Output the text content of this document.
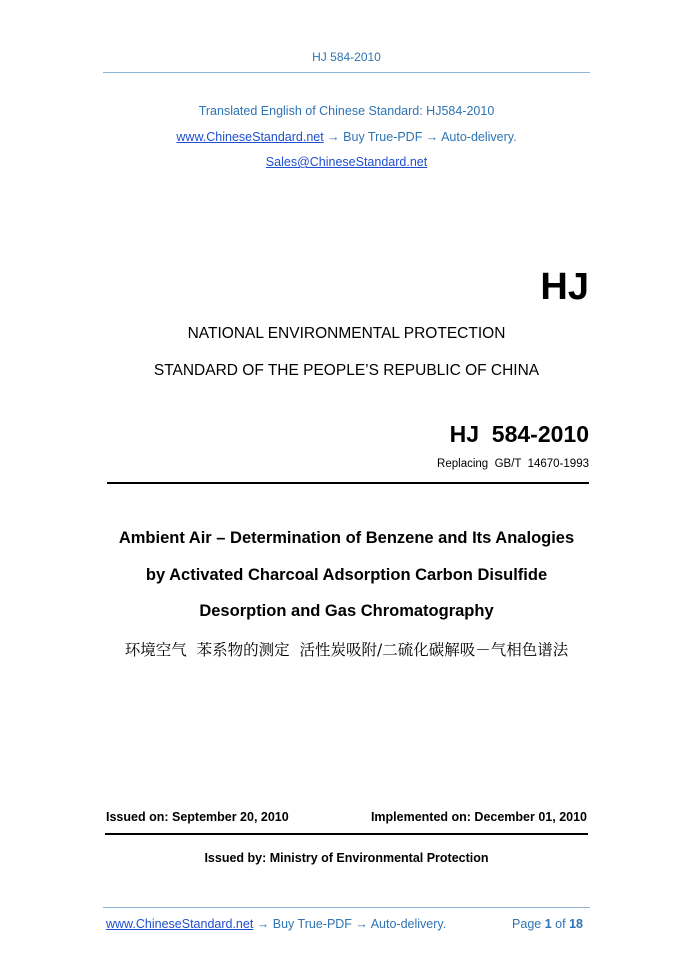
HJ 584-2010
Translated English of Chinese Standard: HJ584-2010
www.ChineseStandard.net → Buy True-PDF → Auto-delivery.
Sales@ChineseStandard.net
HJ
NATIONAL ENVIRONMENTAL PROTECTION
STANDARD OF THE PEOPLE’S REPUBLIC OF CHINA
HJ  584-2010
Replacing  GB/T  14670-1993
Ambient Air – Determination of Benzene and Its Analogies
by Activated Charcoal Adsorption Carbon Disulfide
Desorption and Gas Chromatography
环境空气  苯系物的测定  活性炭吸附/二硫化碳解吸－气相色谱法
Issued on: September 20, 2010	Implemented on: December 01, 2010
Issued by: Ministry of Environmental Protection
www.ChineseStandard.net → Buy True-PDF → Auto-delivery.	Page 1 of 18
